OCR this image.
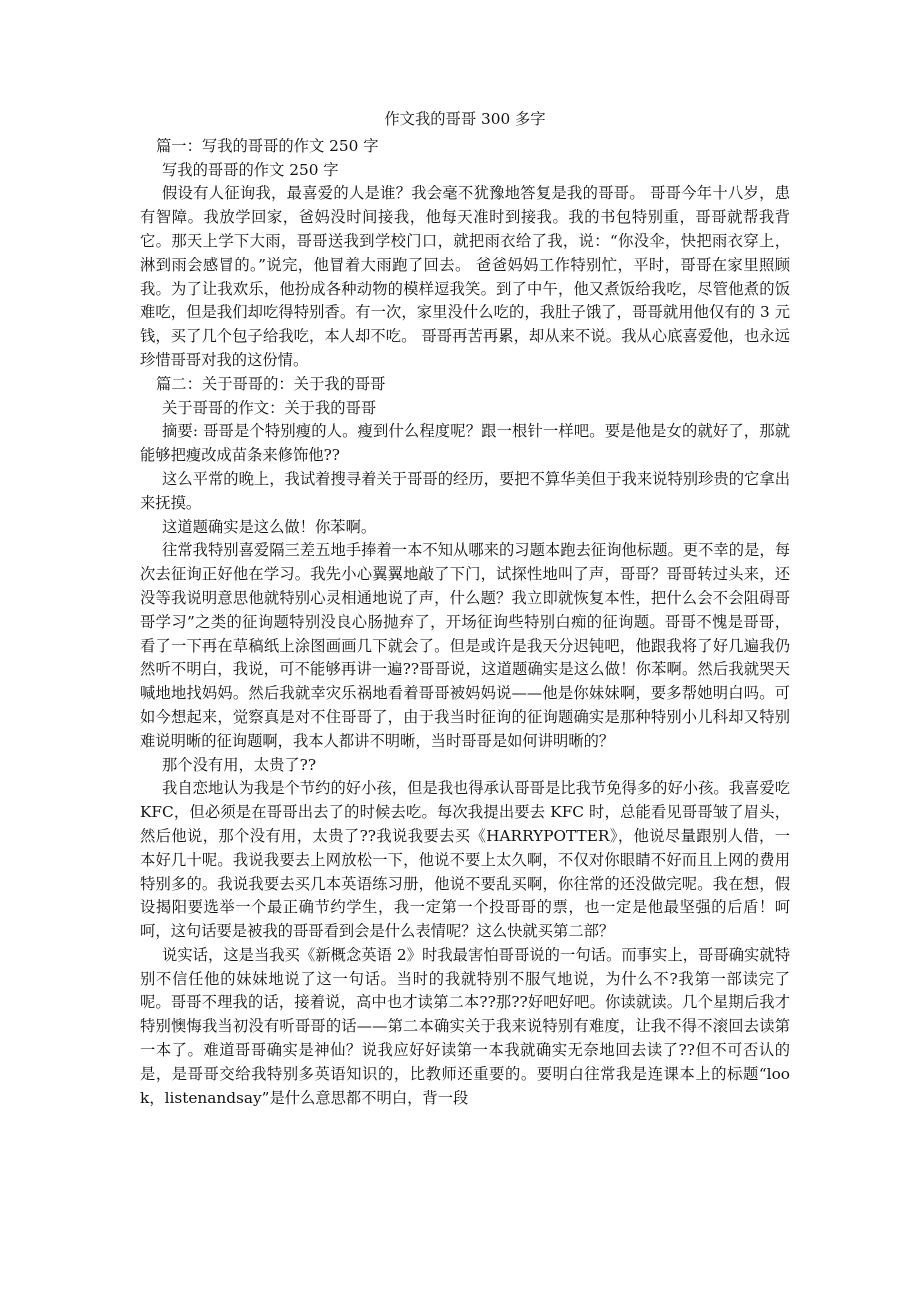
作文我的哥哥 300 多字

篇一：写我的哥哥的作文 250 字

写我的哥哥的作文 250 字

假设有人征询我，最喜爱的人是谁？我会毫不犹豫地答复是我的哥哥。 哥哥今年十八岁，患有智障。我放学回家，爸妈没时间接我，他每天准时到接我。我的书包特别重，哥哥就帮我背它。那天上学下大雨，哥哥送我到学校门口，就把雨衣给了我，说：“你没伞，快把雨衣穿上，淋到雨会感冒的。”说完，他冒着大雨跑了回去。 爸爸妈妈工作特别忙，平时，哥哥在家里照顾我。为了让我欢乐，他扮成各种动物的模样逗我笑。到了中午，他又煮饭给我吃，尽管他煮的饭难吃，但是我们却吃得特别香。有一次，家里没什么吃的，我肚子饿了，哥哥就用他仅有的 3 元钱，买了几个包子给我吃，本人却不吃。 哥哥再苦再累，却从来不说。我从心底喜爱他，也永远珍惜哥哥对我的这份情。

篇二：关于哥哥的：关于我的哥哥

关于哥哥的作文：关于我的哥哥

摘要: 哥哥是个特别瘦的人。瘦到什么程度呢？跟一根针一样吧。要是他是女的就好了，那就能够把瘦改成苗条来修饰他??

这么平常的晚上，我试着搜寻着关于哥哥的经历，要把不算华美但于我来说特别珍贵的它拿出来抚摸。

这道题确实是这么做！你苯啊。

往常我特别喜爱隔三差五地手捧着一本不知从哪来的习题本跑去征询他标题。更不幸的是，每次去征询正好他在学习。我先小心翼翼地敲了下门，试探性地叫了声，哥哥？哥哥转过头来，还没等我说明意思他就特别心灵相通地说了声，什么题？我立即就恢复本性，把什么会不会阻碍哥哥学习”之类的征询题特别没良心肠抛弃了，开场征询些特别白痴的征询题。哥哥不愧是哥哥，看了一下再在草稿纸上涂图画画几下就会了。但是或许是我天分迟钝吧，他跟我将了好几遍我仍然听不明白，我说，可不能够再讲一遍??哥哥说，这道题确实是这么做！你苯啊。然后我就哭天喊地地找妈妈。然后我就幸灾乐祸地看着哥哥被妈妈说——他是你妹妹啊，要多帮她明白吗。可如今想起来，觉察真是对不住哥哥了，由于我当时征询的征询题确实是那种特别小儿科却又特别难说明晰的征询题啊，我本人都讲不明晰，当时哥哥是如何讲明晰的？

那个没有用，太贵了??

我自恋地认为我是个节约的好小孩，但是我也得承认哥哥是比我节免得多的好小孩。我喜爱吃 KFC，但必须是在哥哥出去了的时候去吃。每次我提出要去 KFC 时，总能看见哥哥皱了眉头，然后他说，那个没有用，太贵了??我说我要去买《HARRYPOTTER》，他说尽量跟别人借，一本好几十呢。我说我要去上网放松一下，他说不要上太久啊，不仅对你眼睛不好而且上网的费用特别多的。我说我要去买几本英语练习册，他说不要乱买啊，你往常的还没做完呢。我在想，假设揭阳要选举一个最正确节约学生，我一定第一个投哥哥的票，也一定是他最坚强的后盾！呵呵，这句话要是被我的哥哥看到会是什么表情呢？这么快就买第二部？

说实话，这是当我买《新概念英语 2》时我最害怕哥哥说的一句话。而事实上，哥哥确实就特别不信任他的妹妹地说了这一句话。当时的我就特别不服气地说，为什么不?我第一部读完了呢。哥哥不理我的话，接着说，高中也才读第二本??那??好吧好吧。你读就读。几个星期后我才特别懊悔我当初没有听哥哥的话——第二本确实关于我来说特别有难度，让我不得不滚回去读第一本了。难道哥哥确实是神仙？说我应好好读第一本我就确实无奈地回去读了??但不可否认的是，是哥哥交给我特别多英语知识的，比教师还重要的。要明白往常我是连课本上的标题“look，listenandsay”是什么意思都不明白，背一段
